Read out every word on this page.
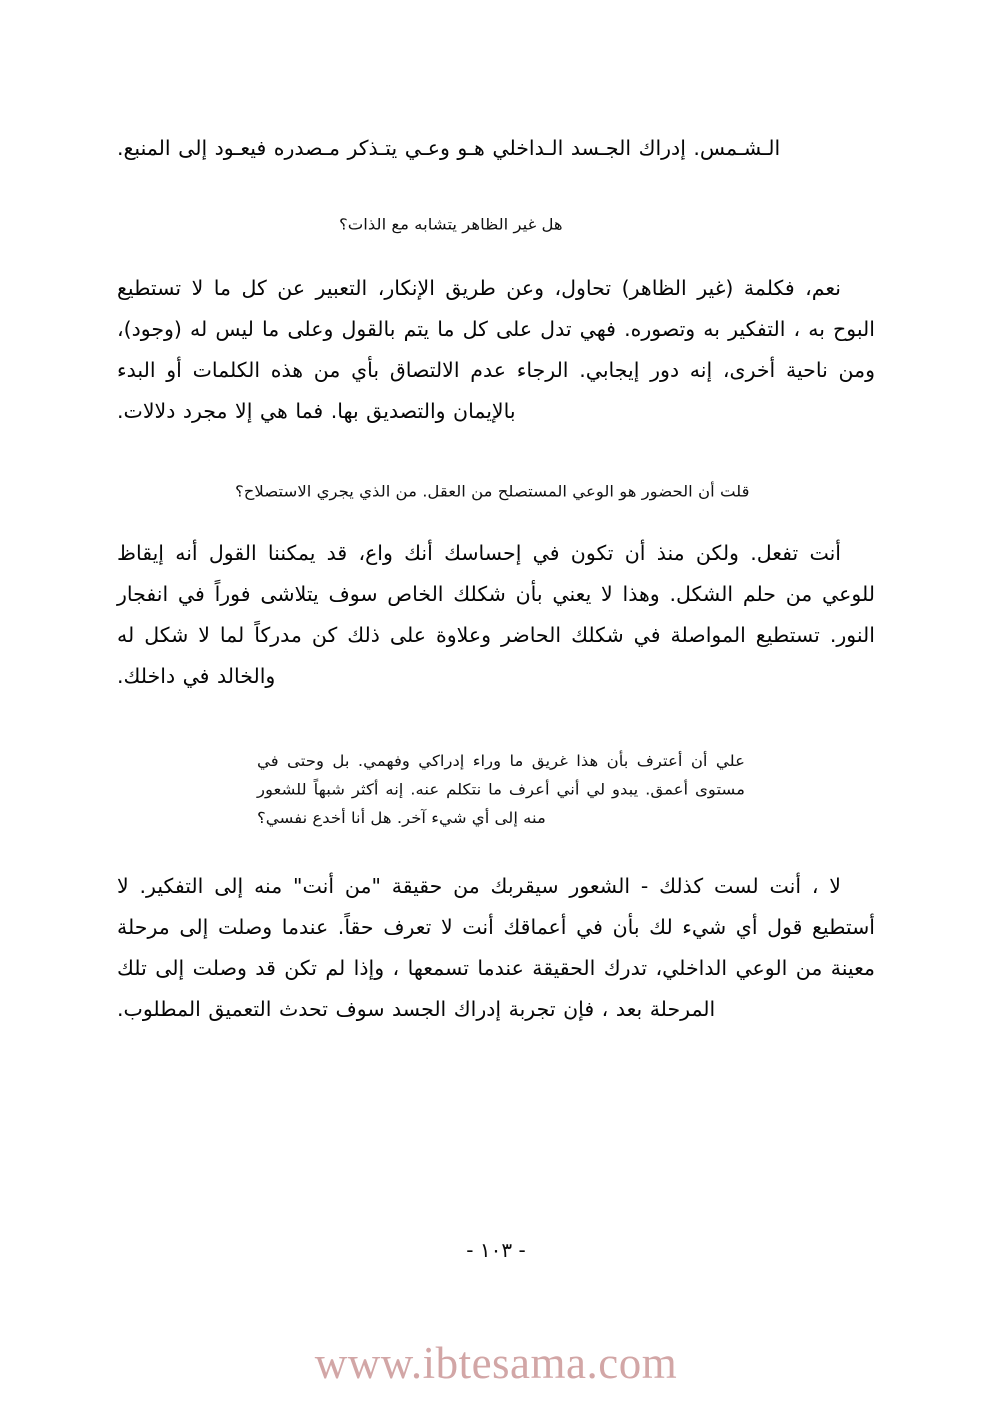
الـشـمس. إدراك الجـسد الـداخلي هـو وعـي يتـذكر مـصدره فيعـود إلى المنبع.

هل غير الظاهر يتشابه مع الذات؟

نعم، فكلمة (غير الظاهر) تحاول، وعن طريق الإنكار، التعبير عن كل ما لا تستطيع البوح به ، التفكير به وتصوره. فهي تدل على كل ما يتم بالقول وعلى ما ليس له (وجود)، ومن ناحية أخرى، إنه دور إيجابي. الرجاء عدم الالتصاق بأي من هذه الكلمات أو البدء بالإيمان والتصديق بها. فما هي إلا مجرد دلالات.

قلت أن الحضور هو الوعي المستصلح من العقل. من الذي يجري الاستصلاح؟

أنت تفعل. ولكن منذ أن تكون في إحساسك أنك واع، قد يمكننا القول أنه إيقاظ للوعي من حلم الشكل. وهذا لا يعني بأن شكلك الخاص سوف يتلاشى فوراً في انفجار النور. تستطيع المواصلة في شكلك الحاضر وعلاوة على ذلك كن مدركاً لما لا شكل له والخالد في داخلك.

علي أن أعترف بأن هذا غريق ما وراء إدراكي وفهمي. بل وحتى في مستوى أعمق. يبدو لي أني أعرف ما نتكلم عنه. إنه أكثر شبهاً للشعور منه إلى أي شيء آخر. هل أنا أخدع نفسي؟

لا ، أنت لست كذلك - الشعور سيقربك من حقيقة "من أنت" منه إلى التفكير. لا أستطيع قول أي شيء لك بأن في أعماقك أنت لا تعرف حقاً. عندما وصلت إلى مرحلة معينة من الوعي الداخلي، تدرك الحقيقة عندما تسمعها ، وإذا لم تكن قد وصلت إلى تلك المرحلة بعد ، فإن تجربة إدراك الجسد سوف تحدث التعميق المطلوب.

- ١٠٣ -
www.ibtesama.com
